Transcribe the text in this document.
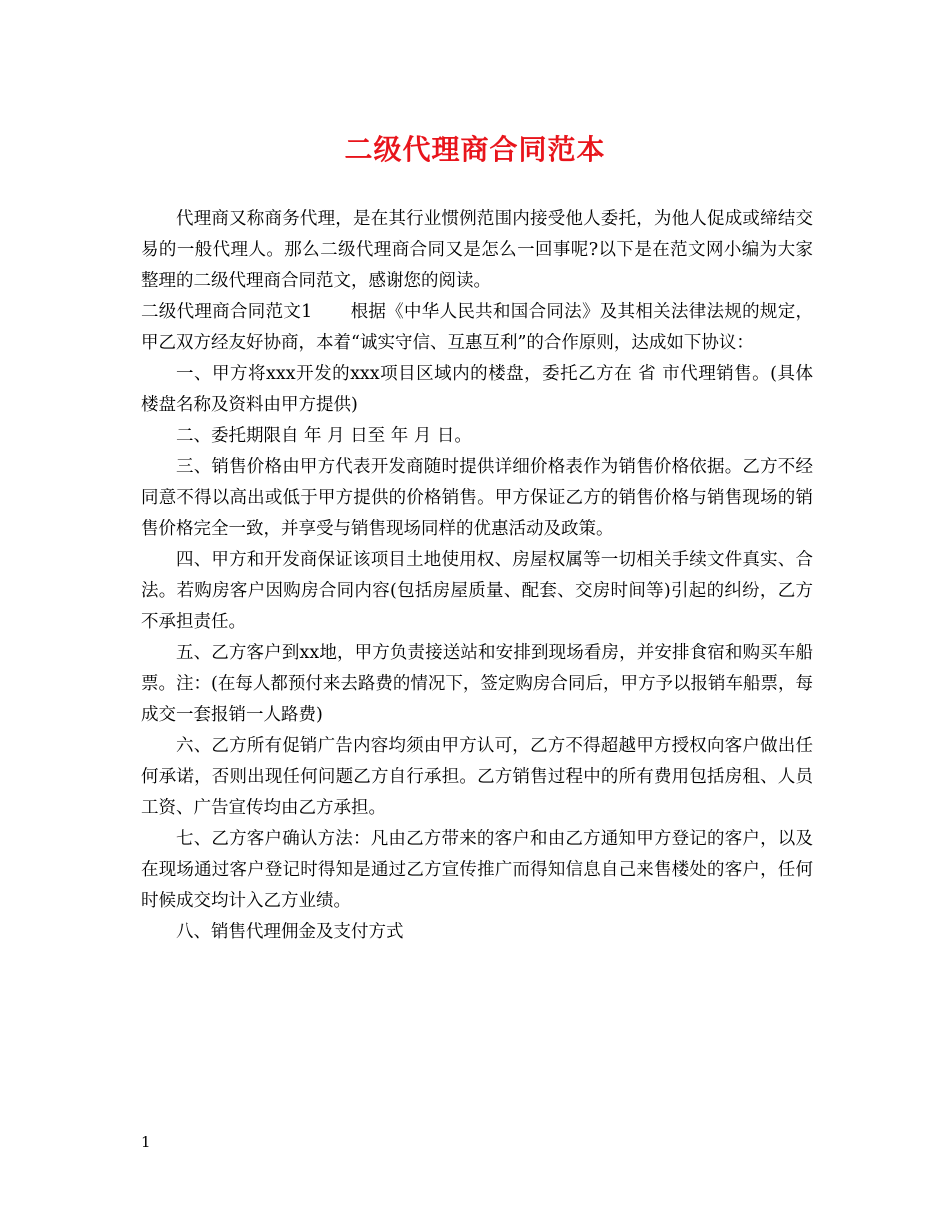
二级代理商合同范本

代理商又称商务代理，是在其行业惯例范围内接受他人委托，为他人促成或缔结交易的一般代理人。那么二级代理商合同又是怎么一回事呢?以下是在范文网小编为大家整理的二级代理商合同范文，感谢您的阅读。

二级代理商合同范文1 根据《中华人民共和国合同法》及其相关法律法规的规定，甲乙双方经友好协商，本着“诚实守信、互惠互利”的合作原则，达成如下协议：

一、甲方将xxx开发的xxx项目区域内的楼盘，委托乙方在 省 市代理销售。(具体楼盘名称及资料由甲方提供)

二、委托期限自 年 月 日至 年 月 日。

三、销售价格由甲方代表开发商随时提供详细价格表作为销售价格依据。乙方不经同意不得以高出或低于甲方提供的价格销售。甲方保证乙方的销售价格与销售现场的销售价格完全一致，并享受与销售现场同样的优惠活动及政策。

四、甲方和开发商保证该项目土地使用权、房屋权属等一切相关手续文件真实、合法。若购房客户因购房合同内容(包括房屋质量、配套、交房时间等)引起的纠纷，乙方不承担责任。

五、乙方客户到xx地，甲方负责接送站和安排到现场看房，并安排食宿和购买车船票。注：(在每人都预付来去路费的情况下，签定购房合同后，甲方予以报销车船票，每成交一套报销一人路费)

六、乙方所有促销广告内容均须由甲方认可，乙方不得超越甲方授权向客户做出任何承诺，否则出现任何问题乙方自行承担。乙方销售过程中的所有费用包括房租、人员工资、广告宣传均由乙方承担。

七、乙方客户确认方法：凡由乙方带来的客户和由乙方通知甲方登记的客户，以及在现场通过客户登记时得知是通过乙方宣传推广而得知信息自己来售楼处的客户，任何时候成交均计入乙方业绩。

八、销售代理佣金及支付方式

1
